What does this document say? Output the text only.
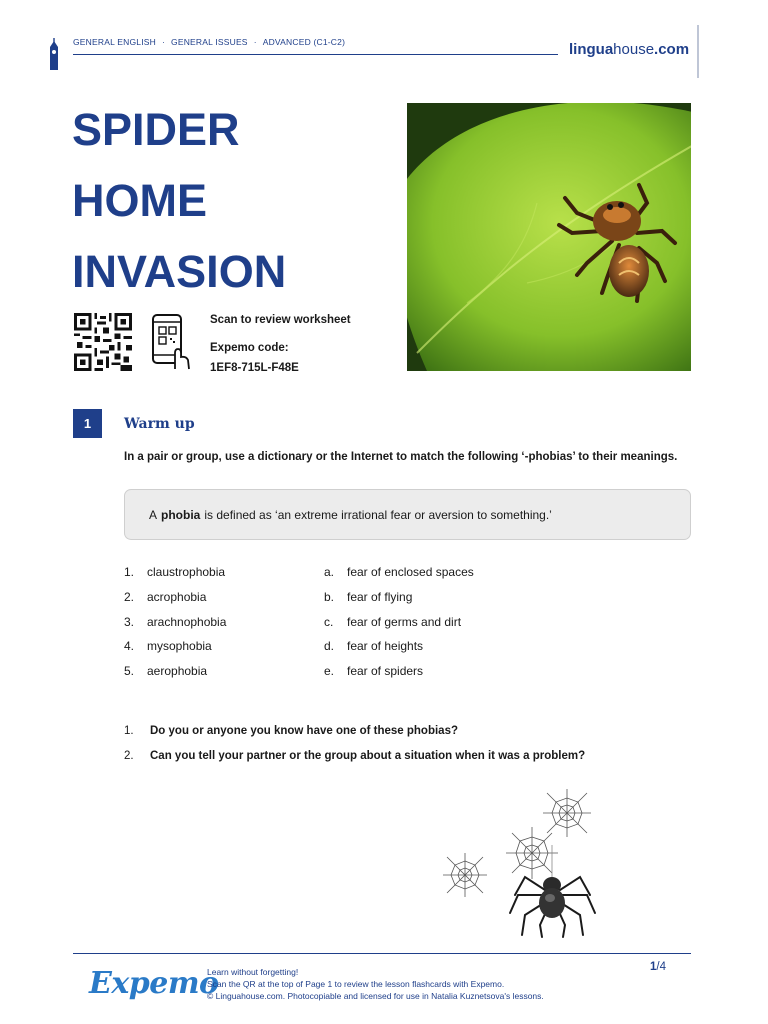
GENERAL ENGLISH · GENERAL ISSUES · ADVANCED (C1-C2)	linguahouse.com
SPIDER
HOME
INVASION
Scan to review worksheet
Expemo code:
1EF8-715L-F48E
1	Warm up
In a pair or group, use a dictionary or the Internet to match the following ‘-phobias’ to their meanings.
A phobia is defined as ‘an extreme irrational fear or aversion to something.’
1. claustrophobia
2. acrophobia
3. arachnophobia
4. mysophobia
5. aerophobia
a. fear of enclosed spaces
b. fear of flying
c. fear of germs and dirt
d. fear of heights
e. fear of spiders
1. Do you or anyone you know have one of these phobias?
2. Can you tell your partner or the group about a situation when it was a problem?
Expemo
Learn without forgetting!
Scan the QR at the top of Page 1 to review the lesson flashcards with Expemo.
© Linguahouse.com. Photocopiable and licensed for use in Natalia Kuznetsova's lessons.
1/4
